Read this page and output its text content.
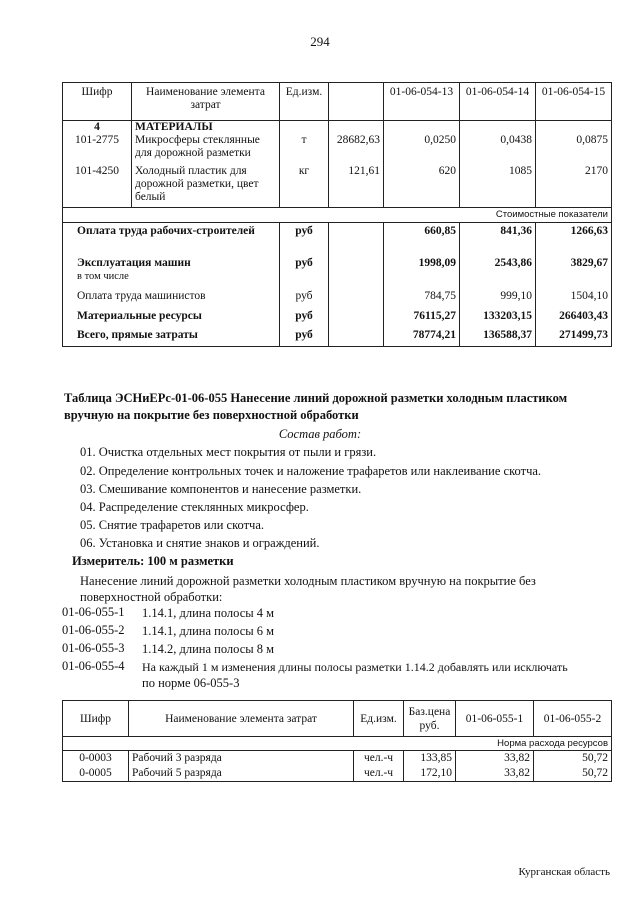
294
Шифр	Наименование элемента затрат	Ед.изм.		01-06-054-13	01-06-054-14	01-06-054-15
4	МАТЕРИАЛЫ					
101-2775	Микросферы стеклянные для дорожной разметки	т	28682,63	0,0250	0,0438	0,0875
101-4250	Холодный пластик для дорожной разметки, цвет белый	кг	121,61	620	1085	2170
Стоимостные показатели						
Оплата труда рабочих-строителей		руб		660,85	841,36	1266,63

Эксплуатация машин
в том числе		руб		1998,09	2543,86	3829,67
Оплата труда машинистов		руб		784,75	999,10	1504,10
Материальные ресурсы		руб		76115,27	133203,15	266403,43
Всего, прямые затраты		руб		78774,21	136588,37	271499,73
Таблица ЭСНиЕРс-01-06-055 Нанесение линий дорожной разметки холодным пластиком
вручную на покрытие без поверхностной обработки
Состав работ:
01. Очистка отдельных мест покрытия от пыли и грязи.
02. Определение контрольных точек и наложение трафаретов или наклеивание скотча.
03. Смешивание компонентов и нанесение разметки.
04. Распределение стеклянных микросфер.
05. Снятие трафаретов или скотча.
06. Установка и снятие знаков и ограждений.
Измеритель: 100 м разметки
Нанесение линий дорожной разметки холодным пластиком вручную на покрытие без
поверхностной обработки:
01-06-055-1 1.14.1, длина полосы 4 м
01-06-055-2 1.14.1, длина полосы 6 м
01-06-055-3 1.14.2, длина полосы 8 м
01-06-055-4 На каждый 1 м изменения длины полосы разметки 1.14.2 добавлять или исключать
по норме 06-055-3
Шифр	Наименование элемента затрат	Ед.изм.	Баз.цена руб.	01-06-055-1	01-06-055-2
Норма расхода ресурсов					
0-0003	Рабочий 3 разряда	чел.-ч	133,85	33,82	50,72
0-0005	Рабочий 5 разряда	чел.-ч	172,10	33,82	50,72
Курганская область
